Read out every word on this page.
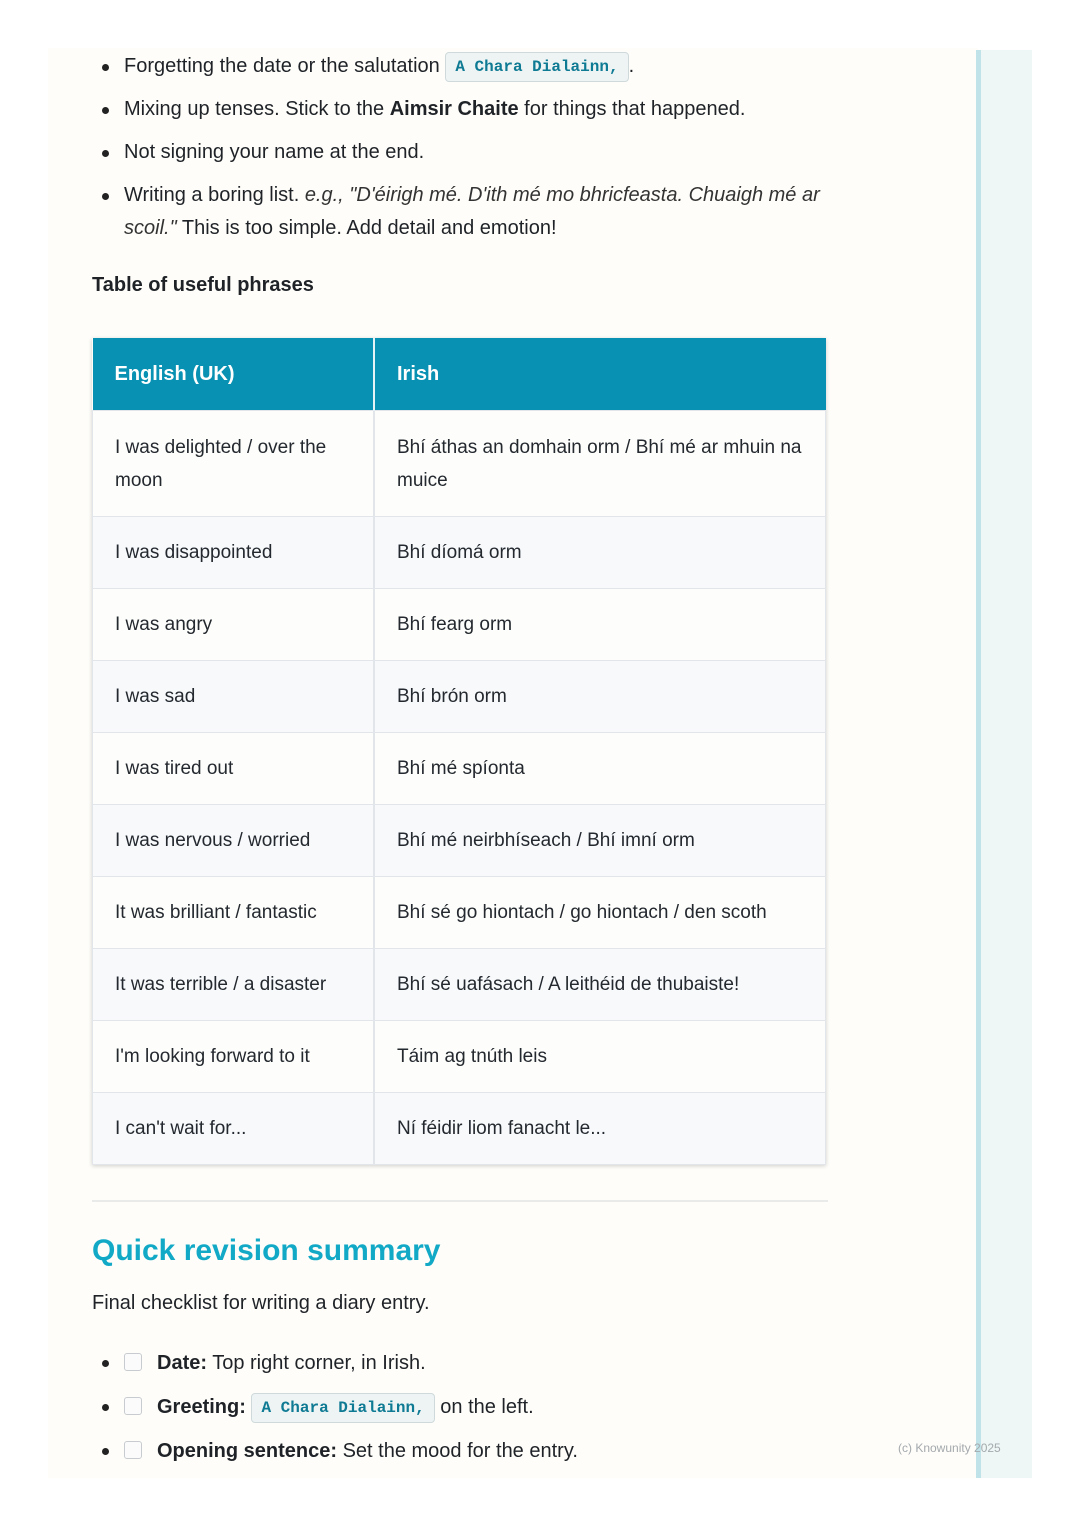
Forgetting the date or the salutation A Chara Dialainn, .
Mixing up tenses. Stick to the Aimsir Chaite for things that happened.
Not signing your name at the end.
Writing a boring list. e.g., "D'éirigh mé. D'ith mé mo bhricfeasta. Chuaigh mé ar scoil." This is too simple. Add detail and emotion!

Table of useful phrases

English (UK)	Irish
I was delighted / over the moon	Bhí áthas an domhain orm / Bhí mé ar mhuin na muice
I was disappointed	Bhí díomá orm
I was angry	Bhí fearg orm
I was sad	Bhí brón orm
I was tired out	Bhí mé spíonta
I was nervous / worried	Bhí mé neirbhíseach / Bhí imní orm
It was brilliant / fantastic	Bhí sé go hiontach / go hiontach / den scoth
It was terrible / a disaster	Bhí sé uafásach / A leithéid de thubaiste!
I'm looking forward to it	Táim ag tnúth leis
I can't wait for...	Ní féidir liom fanacht le...
Quick revision summary

Final checklist for writing a diary entry.

Date: Top right corner, in Irish.
Greeting: A Chara Dialainn, on the left.
Opening sentence: Set the mood for the entry.	(c) Knowunity 2025
